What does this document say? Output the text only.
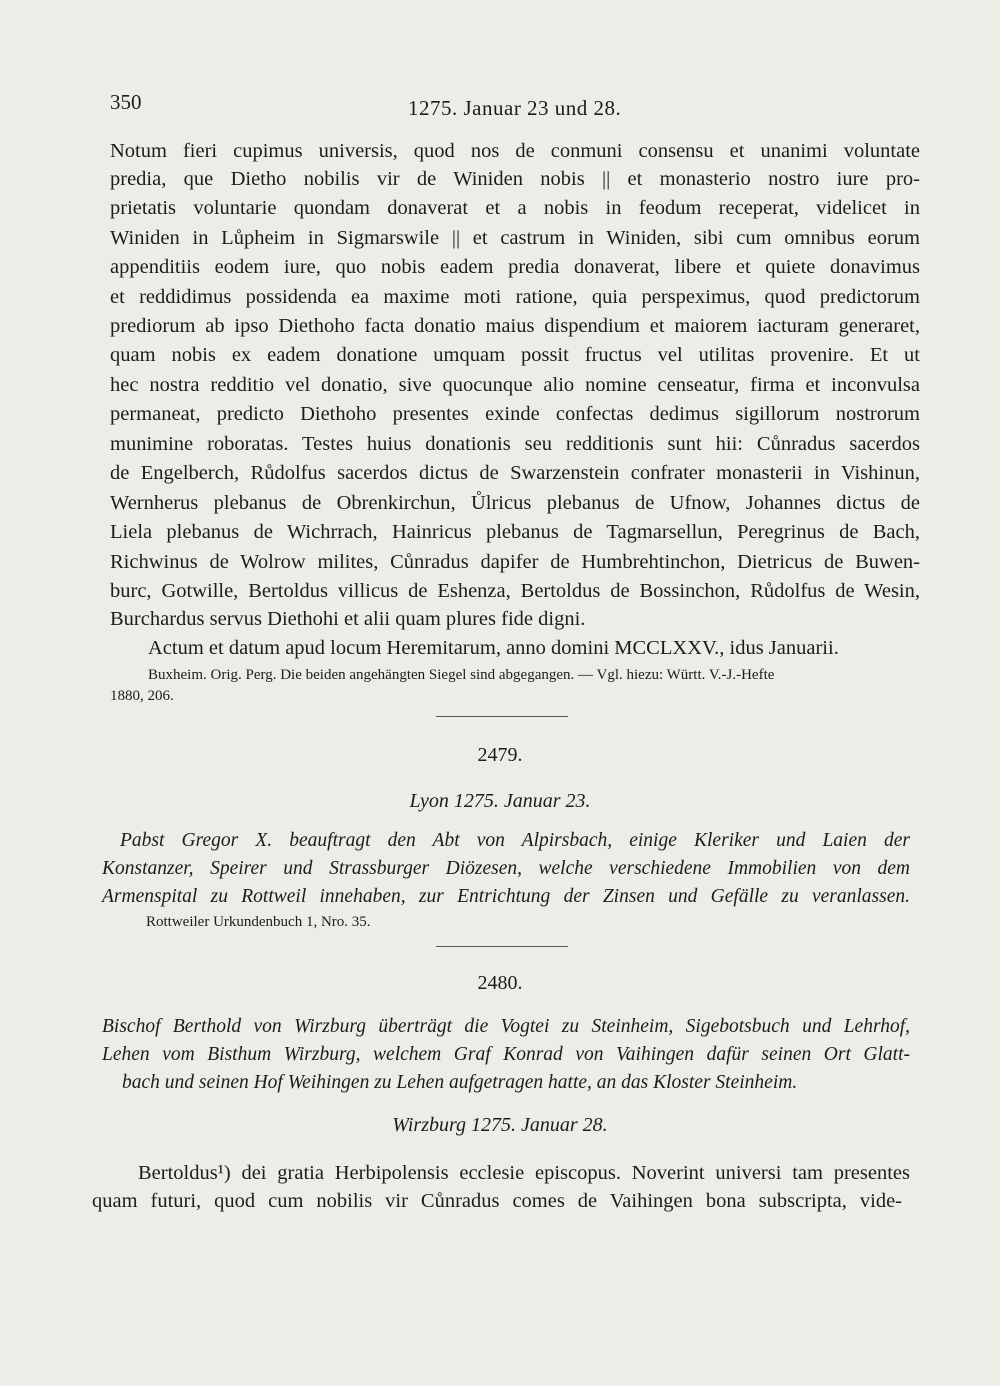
350	1275. Januar 23 und 28.
Notum fieri cupimus universis, quod nos de conmuni consensu et unanimi voluntate
predia, que Dietho nobilis vir de Winiden nobis || et monasterio nostro iure pro-
prietatis voluntarie quondam donaverat et a nobis in feodum receperat, videlicet in
Winiden in Lůpheim in Sigmarswile || et castrum in Winiden, sibi cum omnibus eorum
appenditiis eodem iure, quo nobis eadem predia donaverat, libere et quiete donavimus
et reddidimus possidenda ea maxime moti ratione, quia perspeximus, quod predictorum
prediorum ab ipso Diethoho facta donatio maius dispendium et maiorem iacturam generaret,
quam nobis ex eadem donatione umquam possit fructus vel utilitas provenire. Et ut
hec nostra redditio vel donatio, sive quocunque alio nomine censeatur, firma et inconvulsa
permaneat, predicto Diethoho presentes exinde confectas dedimus sigillorum nostrorum
munimine roboratas. Testes huius donationis seu redditionis sunt hii: Cůnradus sacerdos
de Engelberch, Růdolfus sacerdos dictus de Swarzenstein confrater monasterii in Vishinun,
Wernherus plebanus de Obrenkirchun, Ůlricus plebanus de Ufnow, Johannes dictus de
Liela plebanus de Wichrrach, Hainricus plebanus de Tagmarsellun, Peregrinus de Bach,
Richwinus de Wolrow milites, Cůnradus dapifer de Humbrehtinchon, Dietricus de Buwen-
burc, Gotwille, Bertoldus villicus de Eshenza, Bertoldus de Bossinchon, Růdolfus de Wesin,
Burchardus servus Diethohi et alii quam plures fide digni.
Actum et datum apud locum Heremitarum, anno domini MCCLXXV., idus Januarii.
Buxheim. Orig. Perg. Die beiden angehängten Siegel sind abgegangen. — Vgl. hiezu: Württ. V.-J.-Hefte
1880, 206.
2479.
Lyon 1275. Januar 23.
Pabst Gregor X. beauftragt den Abt von Alpirsbach, einige Kleriker und Laien der
Konstanzer, Speirer und Strassburger Diözesen, welche verschiedene Immobilien von dem
Armenspital zu Rottweil innehaben, zur Entrichtung der Zinsen und Gefälle zu veranlassen.
Rottweiler Urkundenbuch 1, Nro. 35.
2480.
Bischof Berthold von Wirzburg überträgt die Vogtei zu Steinheim, Sigebotsbuch und Lehrhof,
Lehen vom Bisthum Wirzburg, welchem Graf Konrad von Vaihingen dafür seinen Ort Glatt-
bach und seinen Hof Weihingen zu Lehen aufgetragen hatte, an das Kloster Steinheim.
Wirzburg 1275. Januar 28.
Bertoldus¹) dei gratia Herbipolensis ecclesie episcopus. Noverint universi tam presentes
quam futuri, quod cum nobilis vir Cůnradus comes de Vaihingen bona subscripta, vide-
